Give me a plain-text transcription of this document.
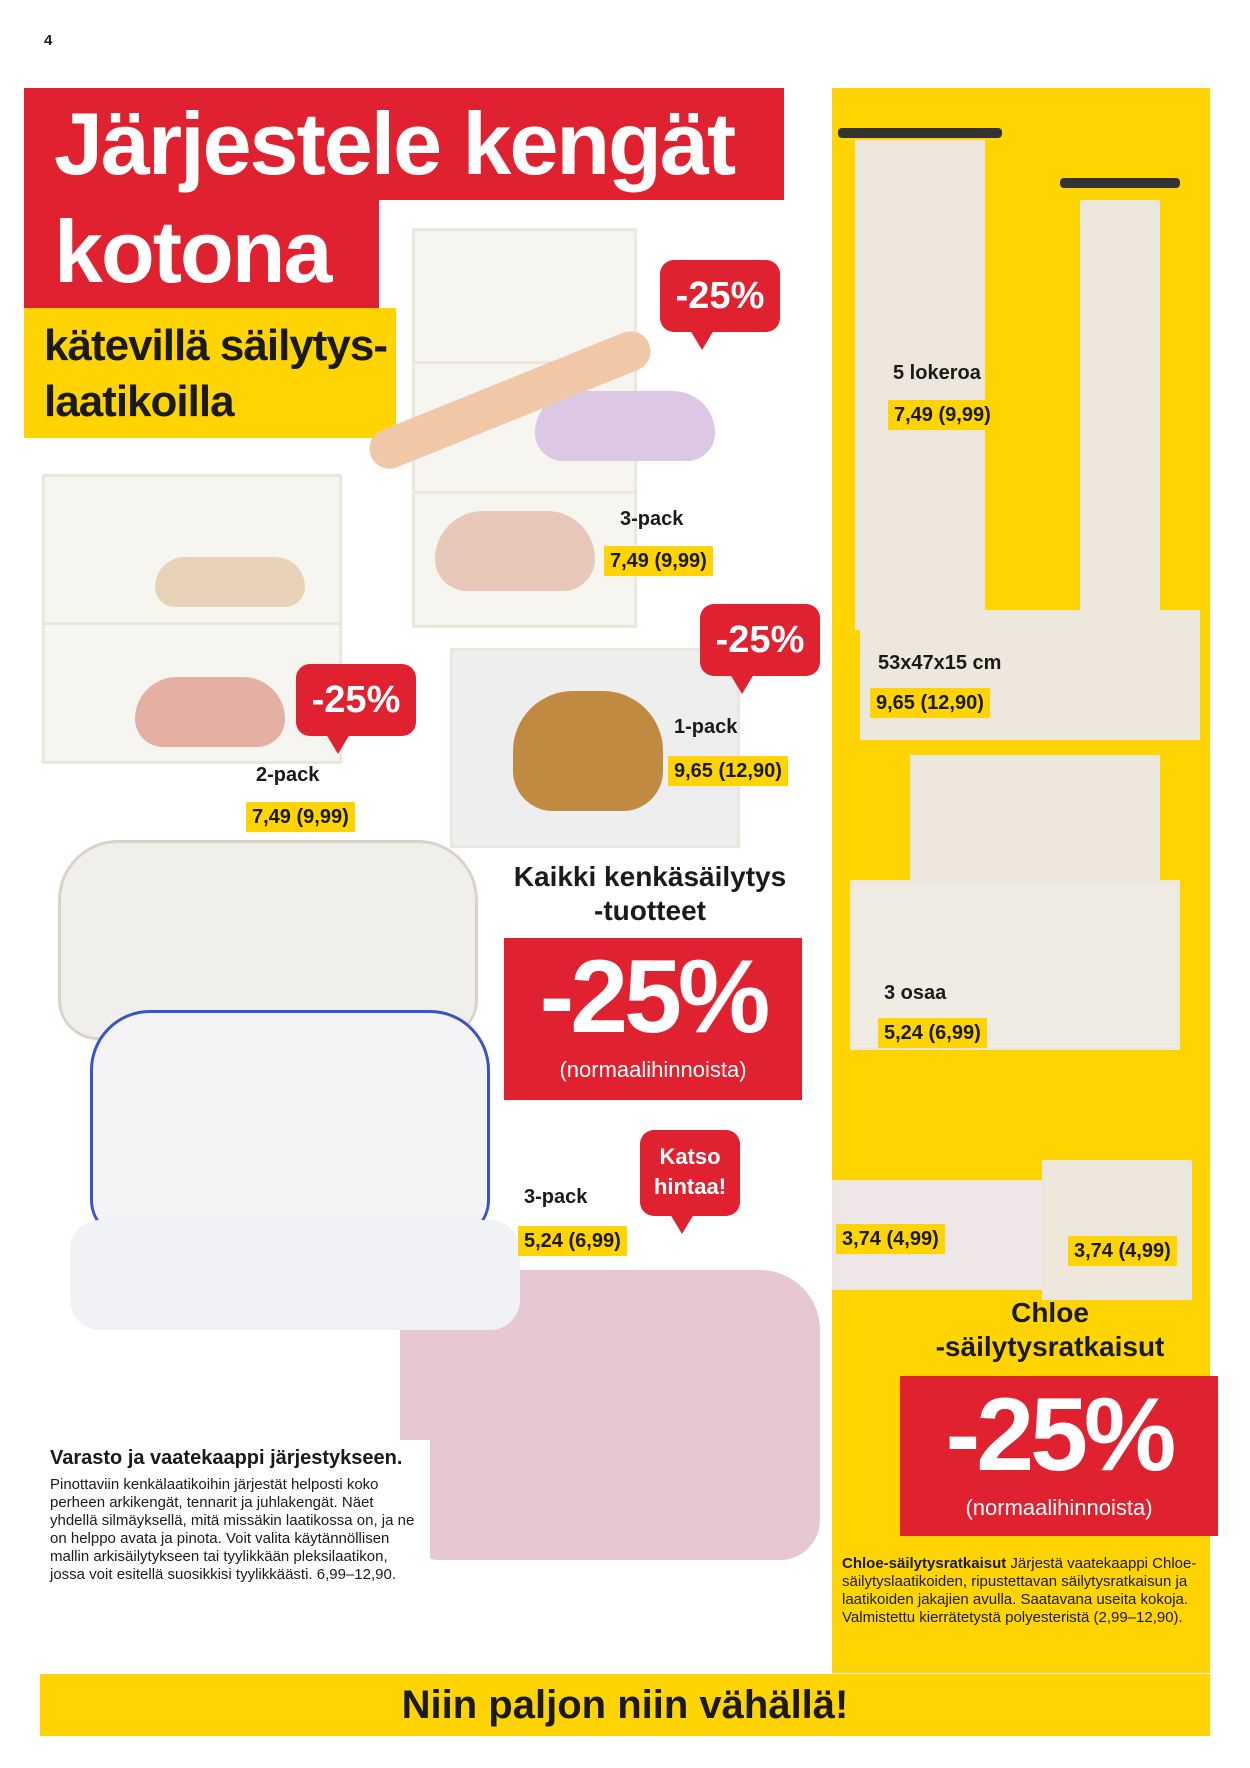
4
Järjestele kengät
kotona
kätevillä säilytys-
laatikoilla
-25%
-25%
-25%
Katso hintaa!
3-pack
7,49 (9,99)
1-pack
9,65 (12,90)
2-pack
7,49 (9,99)
3-pack
5,24 (6,99)
5 lokeroa
7,49 (9,99)
53x47x15 cm
9,65 (12,90)
3 osaa
5,24 (6,99)
3,74 (4,99)
3,74 (4,99)
Kaikki kenkäsäilytys
-tuotteet
-25%
(normaalihinnoista)
Chloe
-säilytysratkaisut
-25%
(normaalihinnoista)
Varasto ja vaatekaappi järjestykseen.

Pinottaviin kenkälaatikoihin järjestät helposti koko perheen arkikengät, tennarit ja juhlakengät. Näet yhdellä silmäyksellä, mitä missäkin laatikossa on, ja ne on helppo avata ja pinota. Voit valita käytännöllisen mallin arkisäilytykseen tai tyylikkään pleksilaatikon, jossa voit esitellä suosikkisi tyylikkäästi. 6,99–12,90.

Chloe-säilytysratkaisut Järjestä vaatekaappi Chloe-säilytyslaatikoiden, ripustettavan säilytysratkaisun ja laatikoiden jakajien avulla. Saatavana useita kokoja. Valmistettu kierrätetystä polyesteristä (2,99–12,90).
Niin paljon niin vähällä!
